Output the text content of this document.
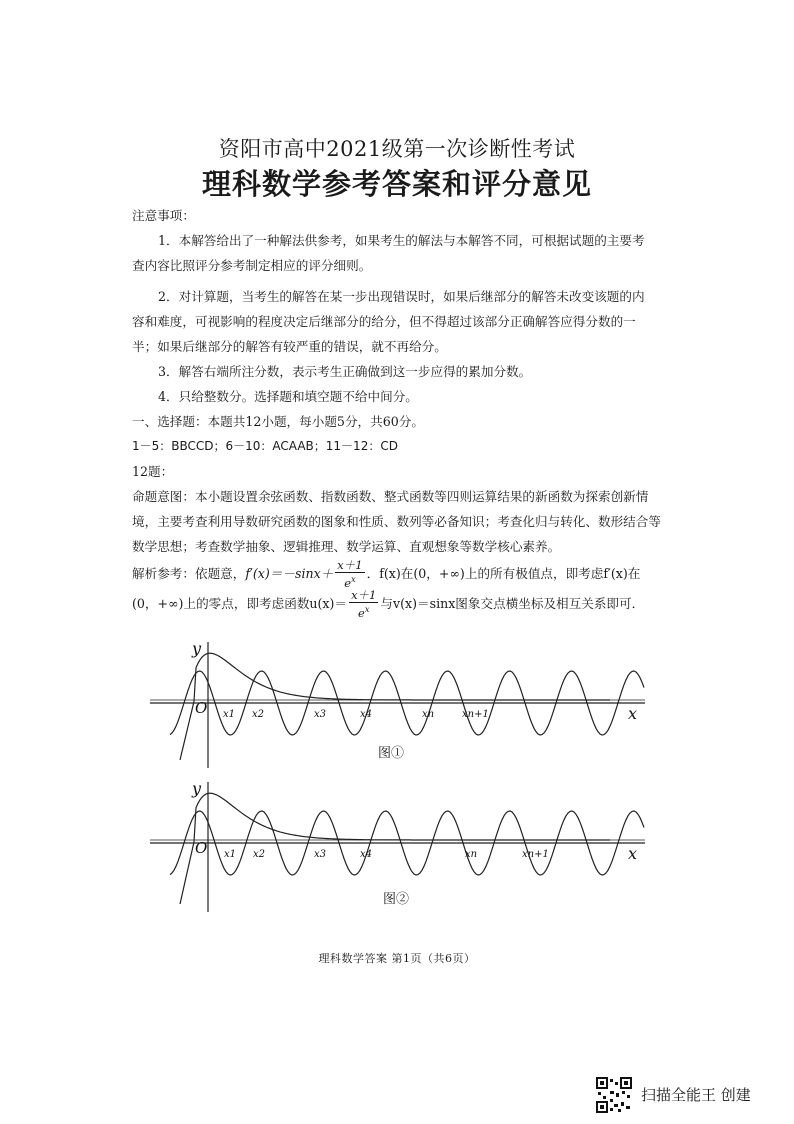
资阳市高中2021级第一次诊断性考试
理科数学参考答案和评分意见
注意事项：
1．本解答给出了一种解法供参考，如果考生的解法与本解答不同，可根据试题的主要考
查内容比照评分参考制定相应的评分细则。
2．对计算题，当考生的解答在某一步出现错误时，如果后继部分的解答未改变该题的内
容和难度，可视影响的程度决定后继部分的给分，但不得超过该部分正确解答应得分数的一
半；如果后继部分的解答有较严重的错误，就不再给分。
3．解答右端所注分数，表示考生正确做到这一步应得的累加分数。
4．只给整数分。选择题和填空题不给中间分。
一、选择题：本题共12小题，每小题5分，共60分。
1－5：BBCCD；6－10：ACAAB；11－12：CD
12题：
命题意图：本小题设置余弦函数、指数函数、整式函数等四则运算结果的新函数为探索创新情
境，主要考查利用导数研究函数的图象和性质、数列等必备知识；考查化归与转化、数形结合等
数学思想；考查数学抽象、逻辑推理、数学运算、直观想象等数学核心素养。
解析参考：依题意，$f'(x)=-\sin x+ \frac{x+1}{e^x}$ ．f(x)在(0，+∞)上的所有极值点，即考虑f′(x)在
(0，+∞)上的零点，即考虑函数$u(x)= \frac{x+1}{e^x}$ 与v(x)＝sinx图象交点横坐标及相互关系即可．
y
x
O x1 x2	x3	x4	xn	xn+1
图①
y
x
O x1 x2	x3	x4	xn	xn+1
图②
理科数学答案 第1页（共6页）
扫描全能王 创建
